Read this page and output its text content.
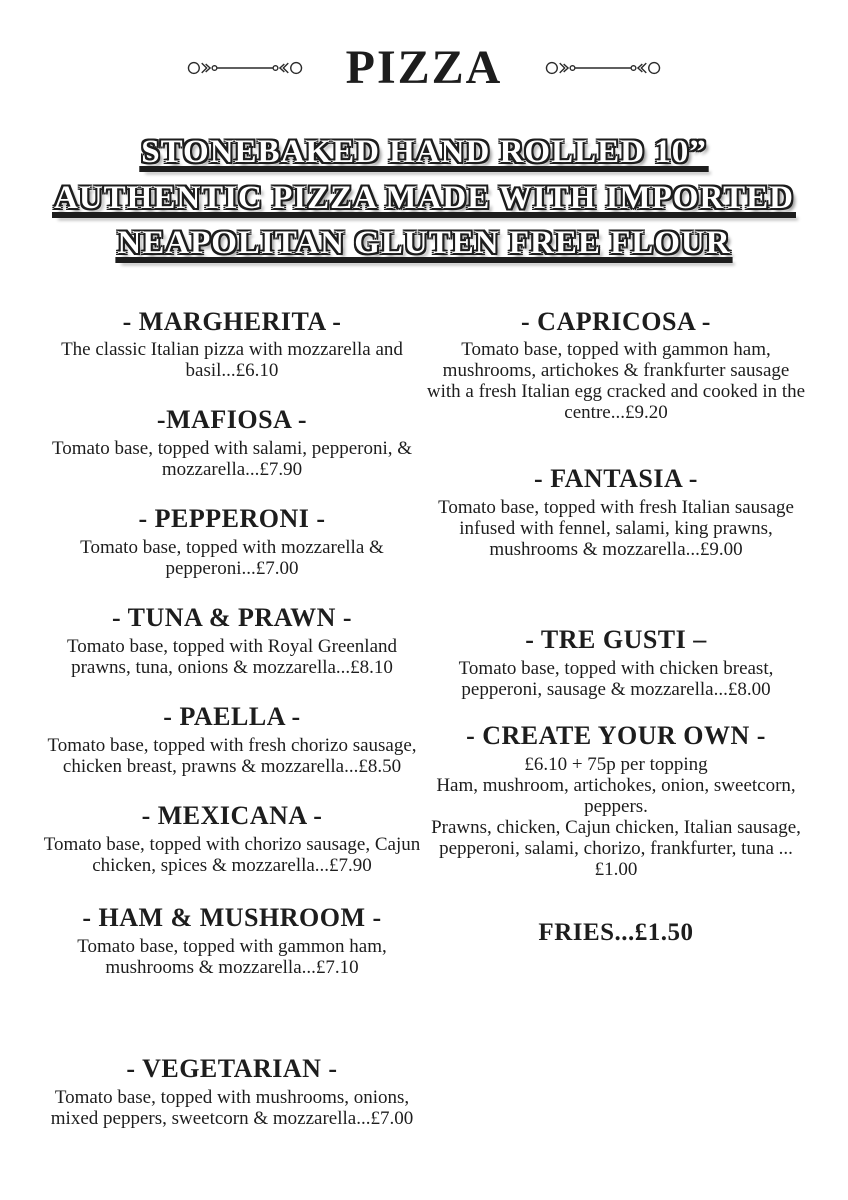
PIZZA
STONEBAKED HAND ROLLED 10”
AUTHENTIC PIZZA MADE WITH IMPORTED
NEAPOLITAN GLUTEN FREE FLOUR
- MARGHERITA -

The classic Italian pizza with mozzarella and basil...£6.10

-MAFIOSA -

Tomato base, topped with salami, pepperoni, & mozzarella...£7.90

- PEPPERONI -

Tomato base, topped with mozzarella & pepperoni...£7.00

- TUNA & PRAWN -

Tomato base, topped with Royal Greenland prawns, tuna, onions & mozzarella...£8.10

- PAELLA -

Tomato base, topped with fresh chorizo sausage, chicken breast, prawns & mozzarella...£8.50

- MEXICANA -

Tomato base, topped with chorizo sausage, Cajun chicken, spices & mozzarella...£7.90

- HAM & MUSHROOM -

Tomato base, topped with gammon ham, mushrooms & mozzarella...£7.10

- VEGETARIAN -

Tomato base, topped with mushrooms, onions, mixed peppers, sweetcorn & mozzarella...£7.00

- CAPRICOSA -

Tomato base, topped with gammon ham, mushrooms, artichokes & frankfurter sausage with a fresh Italian egg cracked and cooked in the centre...£9.20

- FANTASIA -

Tomato base, topped with fresh Italian sausage infused with fennel, salami, king prawns, mushrooms & mozzarella...£9.00

- TRE GUSTI –

Tomato base, topped with chicken breast, pepperoni, sausage & mozzarella...£8.00

- CREATE YOUR OWN -

£6.10 + 75p per topping

Ham, mushroom, artichokes, onion, sweetcorn, peppers.

Prawns, chicken, Cajun chicken, Italian sausage, pepperoni, salami, chorizo, frankfurter, tuna ...£1.00

FRIES...£1.50
